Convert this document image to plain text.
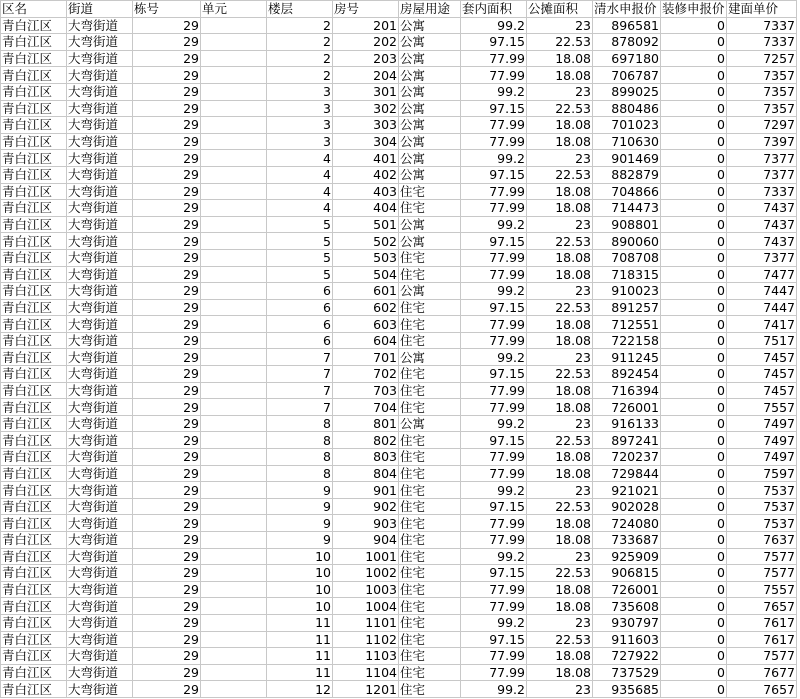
区名	街道	栋号	单元	楼层	房号	房屋用途	套内面积	公摊面积	清水申报价	装修申报价	建面单价
青白江区	大弯街道	29		2	201	公寓	99.2	23	896581	0	7337
青白江区	大弯街道	29		2	202	公寓	97.15	22.53	878092	0	7337
青白江区	大弯街道	29		2	203	公寓	77.99	18.08	697180	0	7257
青白江区	大弯街道	29		2	204	公寓	77.99	18.08	706787	0	7357
青白江区	大弯街道	29		3	301	公寓	99.2	23	899025	0	7357
青白江区	大弯街道	29		3	302	公寓	97.15	22.53	880486	0	7357
青白江区	大弯街道	29		3	303	公寓	77.99	18.08	701023	0	7297
青白江区	大弯街道	29		3	304	公寓	77.99	18.08	710630	0	7397
青白江区	大弯街道	29		4	401	公寓	99.2	23	901469	0	7377
青白江区	大弯街道	29		4	402	公寓	97.15	22.53	882879	0	7377
青白江区	大弯街道	29		4	403	住宅	77.99	18.08	704866	0	7337
青白江区	大弯街道	29		4	404	住宅	77.99	18.08	714473	0	7437
青白江区	大弯街道	29		5	501	公寓	99.2	23	908801	0	7437
青白江区	大弯街道	29		5	502	公寓	97.15	22.53	890060	0	7437
青白江区	大弯街道	29		5	503	住宅	77.99	18.08	708708	0	7377
青白江区	大弯街道	29		5	504	住宅	77.99	18.08	718315	0	7477
青白江区	大弯街道	29		6	601	公寓	99.2	23	910023	0	7447
青白江区	大弯街道	29		6	602	住宅	97.15	22.53	891257	0	7447
青白江区	大弯街道	29		6	603	住宅	77.99	18.08	712551	0	7417
青白江区	大弯街道	29		6	604	住宅	77.99	18.08	722158	0	7517
青白江区	大弯街道	29		7	701	公寓	99.2	23	911245	0	7457
青白江区	大弯街道	29		7	702	住宅	97.15	22.53	892454	0	7457
青白江区	大弯街道	29		7	703	住宅	77.99	18.08	716394	0	7457
青白江区	大弯街道	29		7	704	住宅	77.99	18.08	726001	0	7557
青白江区	大弯街道	29		8	801	公寓	99.2	23	916133	0	7497
青白江区	大弯街道	29		8	802	住宅	97.15	22.53	897241	0	7497
青白江区	大弯街道	29		8	803	住宅	77.99	18.08	720237	0	7497
青白江区	大弯街道	29		8	804	住宅	77.99	18.08	729844	0	7597
青白江区	大弯街道	29		9	901	住宅	99.2	23	921021	0	7537
青白江区	大弯街道	29		9	902	住宅	97.15	22.53	902028	0	7537
青白江区	大弯街道	29		9	903	住宅	77.99	18.08	724080	0	7537
青白江区	大弯街道	29		9	904	住宅	77.99	18.08	733687	0	7637
青白江区	大弯街道	29		10	1001	住宅	99.2	23	925909	0	7577
青白江区	大弯街道	29		10	1002	住宅	97.15	22.53	906815	0	7577
青白江区	大弯街道	29		10	1003	住宅	77.99	18.08	726001	0	7557
青白江区	大弯街道	29		10	1004	住宅	77.99	18.08	735608	0	7657
青白江区	大弯街道	29		11	1101	住宅	99.2	23	930797	0	7617
青白江区	大弯街道	29		11	1102	住宅	97.15	22.53	911603	0	7617
青白江区	大弯街道	29		11	1103	住宅	77.99	18.08	727922	0	7577
青白江区	大弯街道	29		11	1104	住宅	77.99	18.08	737529	0	7677
青白江区	大弯街道	29		12	1201	住宅	99.2	23	935685	0	7657
